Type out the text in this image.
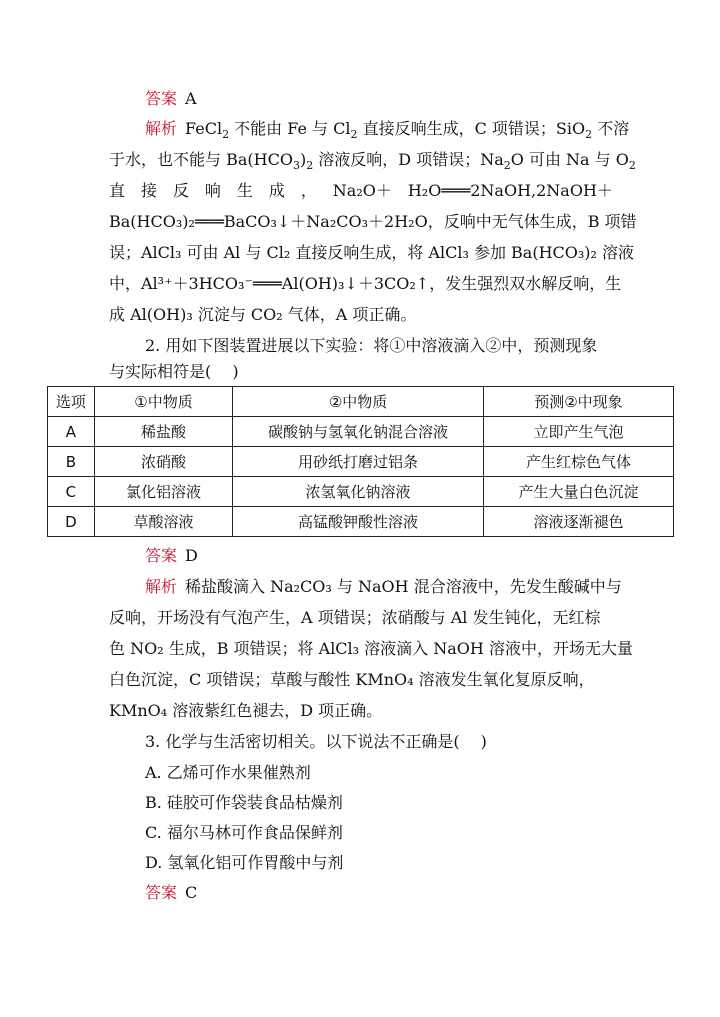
答案 A
解析 FeCl$_2$ 不能由 Fe 与 $Cl_2$ 直接反响生成，C 项错误；SiO$_2$ 不溶
于水，也不能与 $Ba(HCO_3)_2$ 溶液反响，D 项错误；$Na_2O$ 可由 Na 与 $O_2$
直 接 反 响 生 成 ， Na₂O＋　H₂O═══2NaOH,2NaOH＋
Ba(HCO₃)₂═══BaCO₃↓＋Na₂CO₃＋2H₂O，反响中无气体生成，B 项错
误；AlCl₃ 可由 Al 与 Cl₂ 直接反响生成，将 AlCl₃ 参加 Ba(HCO₃)₂ 溶液
中，Al³⁺＋3HCO₃⁻═══Al(OH)₃↓＋3CO₂↑，发生强烈双水解反响，生
成 Al(OH)₃ 沉淀与 CO₂ 气体，A 项正确。
2. 用如下图装置进展以下实验：将①中溶液滴入②中，预测现象
与实际相符是(　 )
选项	①中物质	②中物质	预测②中现象
A	稀盐酸	碳酸钠与氢氧化钠混合溶液	立即产生气泡
B	浓硝酸	用砂纸打磨过铝条	产生红棕色气体
C	氯化铝溶液	浓氢氧化钠溶液	产生大量白色沉淀
D	草酸溶液	高锰酸钾酸性溶液	溶液逐渐褪色
答案 D
解析 稀盐酸滴入 Na₂CO₃ 与 NaOH 混合溶液中，先发生酸碱中与
反响，开场没有气泡产生，A 项错误；浓硝酸与 Al 发生钝化，无红棕
色 NO₂ 生成，B 项错误；将 AlCl₃ 溶液滴入 NaOH 溶液中，开场无大量
白色沉淀，C 项错误；草酸与酸性 KMnO₄ 溶液发生氧化复原反响，
KMnO₄ 溶液紫红色褪去，D 项正确。
3. 化学与生活密切相关。以下说法不正确是(　 )
A. 乙烯可作水果催熟剂
B. 硅胶可作袋装食品枯燥剂
C. 福尔马林可作食品保鲜剂
D. 氢氧化铝可作胃酸中与剂
答案 C
